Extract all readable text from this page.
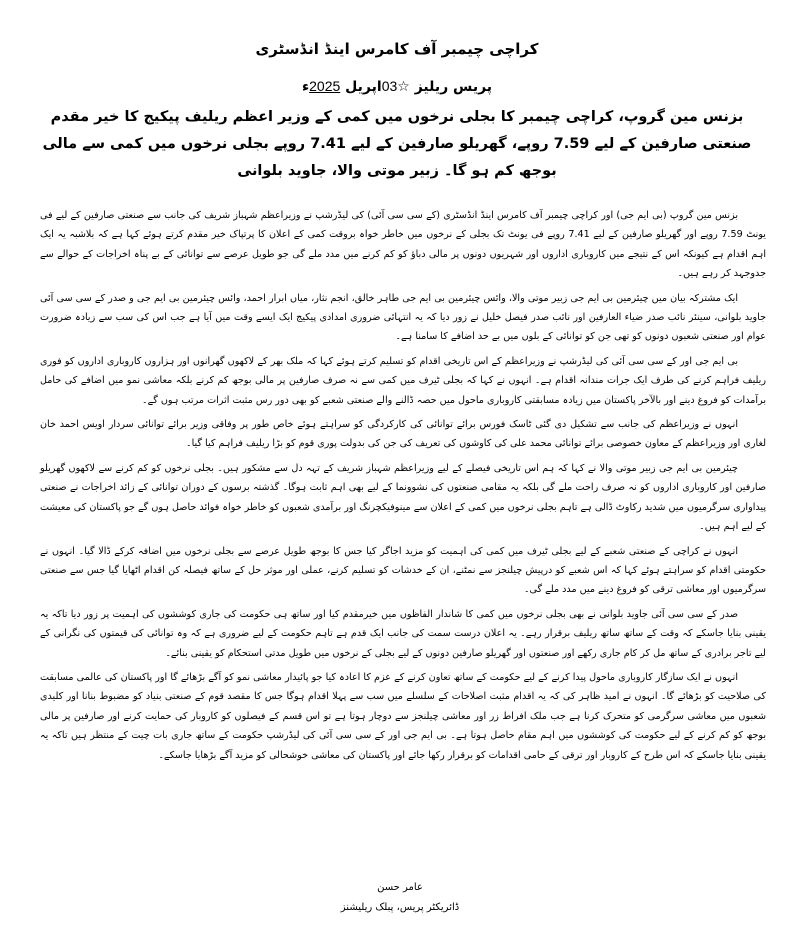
کراچی چیمبر آف کامرس اینڈ انڈسٹری
پریس ریلیز ☆03اپریل 2025ء
بزنس مین گروپ، کراچی چیمبر کا بجلی نرخوں میں کمی کے وزیر اعظم ریلیف پیکیج کا خیر مقدم صنعتی صارفین کے لیے 7.59 روپے، گھریلو صارفین کے لیے 7.41 روپے بجلی نرخوں میں کمی سے مالی بوجھ کم ہو گا۔ زبیر موتی والا، جاوید بلوانی

بزنس مین گروپ (بی ایم جی) اور کراچی چیمبر آف کامرس اینڈ انڈسٹری (کے سی سی آئی) کی لیڈرشپ نے وزیراعظم شہباز شریف کی جانب سے صنعتی صارفین کے لیے فی یونٹ 7.59 روپے اور گھریلو صارفین کے لیے 7.41 روپے فی یونٹ تک بجلی کے نرخوں میں خاطر خواہ بروقت کمی کے اعلان کا پرتپاک خیر مقدم کرتے ہوئے کہا ہے کہ بلاشبہ یہ ایک اہم اقدام ہے کیونکہ اس کے نتیجے میں کاروباری اداروں اور شہریوں دونوں پر مالی دباؤ کو کم کرنے میں مدد ملے گی جو طویل عرصے سے توانائی کے بے پناہ اخراجات کے حوالے سے جدوجہد کر رہے ہیں۔

ایک مشترکہ بیان میں چیئرمین بی ایم جی زبیر موتی والا، وائس چیئرمین بی ایم جی طاہر خالق، انجم نثار، میاں ابرار احمد، وائس چیئرمین بی ایم جی و صدر کے سی سی آئی جاوید بلوانی، سینئر نائب صدر ضیاء العارفین اور نائب صدر فیصل خلیل نے زور دیا کہ یہ انتہائی ضروری امدادی پیکیج ایک ایسے وقت میں آیا ہے جب اس کی سب سے زیادہ ضرورت عوام اور صنعتی شعبوں دونوں کو تھی جن کو توانائی کے بلوں میں بے حد اضافے کا سامنا ہے۔

بی ایم جی اور کے سی سی آئی کی لیڈرشپ نے وزیراعظم کے اس تاریخی اقدام کو تسلیم کرتے ہوئے کہا کہ ملک بھر کے لاکھوں گھرانوں اور ہزاروں کاروباری اداروں کو فوری ریلیف فراہم کرنے کی طرف ایک جرات مندانہ اقدام ہے۔ انہوں نے کہا کہ بجلی ٹیرف میں کمی سے نہ صرف صارفین پر مالی بوجھ کم کرنے بلکہ معاشی نمو میں اضافے کی حامل برآمدات کو فروغ دینے اور بالآخر پاکستان میں زیادہ مسابقتی کاروباری ماحول میں حصہ ڈالنے والے صنعتی شعبے کو بھی دور رس مثبت اثرات مرتب ہوں گے۔

انہوں نے وزیراعظم کی جانب سے تشکیل دی گئی ٹاسک فورس برائے توانائی کی کارکردگی کو سراہتے ہوئے خاص طور پر وفاقی وزیر برائے توانائی سردار اویس احمد خان لغاری اور وزیراعظم کے معاون خصوصی برائے توانائی محمد علی کی کاوشوں کی تعریف کی جن کی بدولت پوری قوم کو بڑا ریلیف فراہم کیا گیا۔

چیئرمین بی ایم جی زبیر موتی والا نے کہا کہ ہم اس تاریخی فیصلے کے لیے وزیراعظم شہباز شریف کے تہہ دل سے مشکور ہیں۔ بجلی نرخوں کو کم کرنے سے لاکھوں گھریلو صارفین اور کاروباری اداروں کو نہ صرف راحت ملے گی بلکہ یہ مقامی صنعتوں کی نشوونما کے لیے بھی اہم ثابت ہوگا۔ گذشتہ برسوں کے دوران توانائی کے زائد اخراجات نے صنعتی پیداواری سرگرمیوں میں شدید رکاوٹ ڈالی ہے تاہم بجلی نرخوں میں کمی کے اعلان سے مینوفیکچرنگ اور برآمدی شعبوں کو خاطر خواہ فوائد حاصل ہوں گے جو پاکستان کی معیشت کے لیے اہم ہیں۔

انہوں نے کراچی کے صنعتی شعبے کے لیے بجلی ٹیرف میں کمی کی اہمیت کو مزید اجاگر کیا جس کا بوجھ طویل عرصے سے بجلی نرخوں میں اضافہ کرکے ڈالا گیا۔ انہوں نے حکومتی اقدام کو سراہتے ہوئے کہا کہ اس شعبے کو درپیش چیلنجز سے نمٹنے، ان کے خدشات کو تسلیم کرنے، عملی اور موثر حل کے ساتھ فیصلہ کن اقدام اٹھایا گیا جس سے صنعتی سرگرمیوں اور معاشی ترقی کو فروغ دینے میں مدد ملے گی۔

صدر کے سی سی آئی جاوید بلوانی نے بھی بجلی نرخوں میں کمی کا شاندار الفاظوں میں خیرمقدم کیا اور ساتھ ہی حکومت کی جاری کوششوں کی اہمیت پر زور دیا تاکہ یہ یقینی بنایا جاسکے کہ وقت کے ساتھ ساتھ ریلیف برقرار رہے۔ یہ اعلان درست سمت کی جانب ایک قدم ہے تاہم حکومت کے لیے ضروری ہے کہ وہ توانائی کی قیمتوں کی نگرانی کے لیے تاجر برادری کے ساتھ مل کر کام جاری رکھے اور صنعتوں اور گھریلو صارفین دونوں کے لیے بجلی کے نرخوں میں طویل مدتی استحکام کو یقینی بنائے۔

انہوں نے ایک سازگار کاروباری ماحول پیدا کرنے کے لیے حکومت کے ساتھ تعاون کرنے کے عزم کا اعادہ کیا جو پائیدار معاشی نمو کو آگے بڑھائے گا اور پاکستان کی عالمی مسابقت کی صلاحیت کو بڑھائے گا۔ انہوں نے امید ظاہر کی کہ یہ اقدام مثبت اصلاحات کے سلسلے میں سب سے پہلا اقدام ہوگا جس کا مقصد قوم کے صنعتی بنیاد کو مضبوط بنانا اور کلیدی شعبوں میں معاشی سرگرمی کو متحرک کرنا ہے جب ملک افراط زر اور معاشی چیلنجز سے دوچار ہوتا ہے تو اس قسم کے فیصلوں کو کاروبار کی حمایت کرنے اور صارفین پر مالی بوجھ کو کم کرنے کے لیے حکومت کی کوششوں میں اہم مقام حاصل ہوتا ہے۔ بی ایم جی اور کے سی سی آئی کی لیڈرشپ حکومت کے ساتھ جاری بات چیت کے منتظر ہیں تاکہ یہ یقینی بنایا جاسکے کہ اس طرح کے کاروبار اور ترقی کے حامی اقدامات کو برقرار رکھا جائے اور پاکستان کی معاشی خوشحالی کو مزید آگے بڑھایا جاسکے۔

عامر حسن
ڈائریکٹر پریس، پبلک ریلیشنز
